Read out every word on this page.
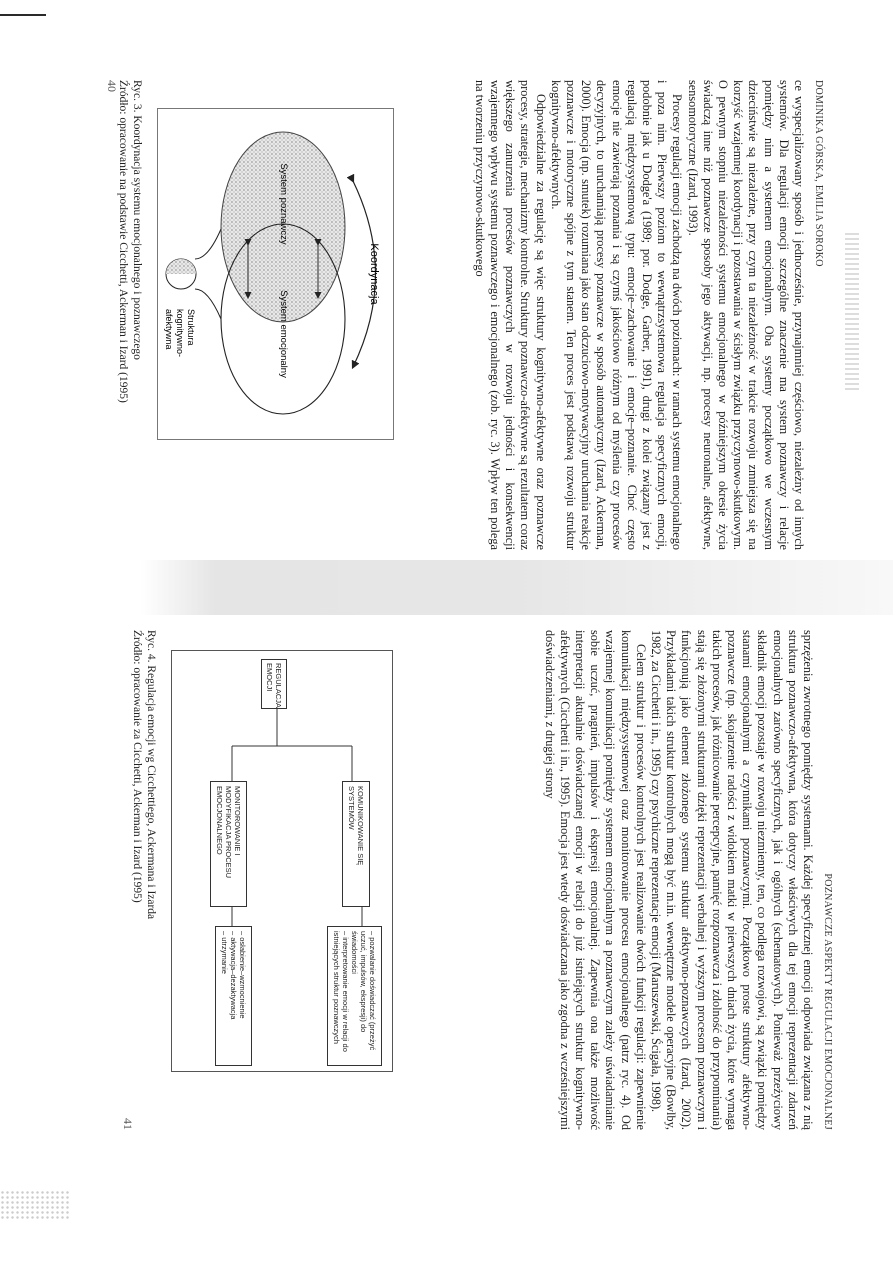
DOMINIKA GÓRSKA, EMILIA SOROKO

ce wyspecjalizowany sposób i jednocześnie, przynajmniej częściowo, niezależny od innych systemów. Dla regulacji emocji szczególne znaczenie ma system poznawczy i relacje pomiędzy nim a systemem emocjonalnym. Oba systemy początkowo we wczesnym dzieciństwie są niezależne, przy czym ta niezależność w trakcie rozwoju zmniejsza się na korzyść wzajemnej koordynacji i pozostawania w ścisłym związku przyczynowo-skutkowym. O pewnym stopniu niezależności systemu emocjonalnego w późniejszym okresie życia świadczą inne niż poznawcze sposoby jego aktywacji, np. procesy neuronalne, afektywne, sensomotoryczne (Izard, 1993).

Procesy regulacji emocji zachodzą na dwóch poziomach: w ramach systemu emocjonalnego i poza nim. Pierwszy poziom to wewnątrzsystemowa regulacja specyficznych emocji, podobnie jak u Dodge'a (1989; por. Dodge, Garber, 1991), drugi z kolei związany jest z regulacją międzysystemową typu: emocje–zachowanie i emocje–poznanie. Choć często emocje nie zawierają poznania i są czymś jakościowo różnym od myślenia czy procesów decyzyjnych, to uruchamiają procesy poznawcze w sposób automatyczny (Izard, Ackerman, 2000). Emocja (np. smutek) rozumiana jako stan odczuciowo-motywacyjny uruchamia reakcje poznawcze i motoryczne spójne z tym stanem. Ten proces jest podstawą rozwoju struktur kognitywno-afektywnych.

Odpowiedzialne za regulację są więc struktury kognitywno-afektywne oraz poznawcze procesy, strategie, mechanizmy kontrolne. Struktury poznawczo-afektywne są rezultatem coraz większego zanurzenia procesów poznawczych w rozwoju jedności i konsekwencji wzajemnego wpływu systemu poznawczego i emocjonalnego (zob. ryc. 3). Wpływ ten polega na tworzeniu przyczynowo-skutkowego

Koordynacja
System poznawczy
System emocjonalny
Struktura
kognitywno-
afektywna
Ryc. 3. Koordynacja systemu emocjonalnego i poznawczego
Źródło: opracowanie na podstawie Cicchetti, Ackerman i Izard (1995)
40
POZNAWCZE ASPEKTY REGULACJI EMOCJONALNEJ

sprzężenia zwrotnego pomiędzy systemami. Każdej specyficznej emocji odpowiada związana z nią struktura poznawczo-afektywna, która dotyczy właściwych dla tej emocji reprezentacji zdarzeń emocjonalnych zarówno specyficznych, jak i ogólnych (schematowych). Ponieważ przeżyciowy składnik emocji pozostaje w rozwoju niezmienny, ten, co podlega rozwojowi, są związki pomiędzy stanami emocjonalnymi a czynnikami poznawczymi. Początkowo proste struktury afektywno-poznawcze (np. skojarzenie radości z widokiem matki w pierwszych dniach życia, które wymaga takich procesów, jak różnicowanie percepcyjne, pamięć rozpoznawcza i zdolność do przypominania) stają się złożonymi strukturami dzięki reprezentacji werbalnej i wyższym procesom poznawczym i funkcjonują jako element złożonego systemu struktur afektywno-poznawczych (Izard, 2002). Przykładami takich struktur kontrolnych mogą być m.in. wewnętrzne modele operacyjne (Bowlby, 1982, za Cicchetti i in., 1995) czy psychiczne reprezentacje emocji (Maruszewski, Ścigała, 1998).

Celem struktur i procesów kontrolnych jest realizowanie dwóch funkcji regulacji: zapewnienie komunikacji międzysystemowej oraz monitorowanie procesu emocjonalnego (patrz ryc. 4). Od wzajemnej komunikacji pomiędzy systemem emocjonalnym a poznawczym zależy uświadamianie sobie uczuć, pragnień, impulsów i ekspresji emocjonalnej. Zapewnia ona także możliwość interpretacji aktualnie doświadczanej emocji w relacji do już istniejących struktur kognitywno-afektywnych (Cicchetti i in., 1995). Emocja jest wtedy doświadczana jako zgodna z wcześniejszymi doświadczeniami, z drugiej strony

REGULACJA EMOCJI
KOMUNIKOWANIE SIĘ SYSTEMÓW
MONITOROWANIE I MODYFIKACJA PROCESU EMOCJONALNEGO
– pozwalanie doświadczać (przeżyć uczuć, impulsów, ekspresji) do świadomości
– interpretowanie emocji w relacji do istniejących struktur poznawczych
– osłabienie–wzmocnienie
– aktywacja–dezaktywacja
– utrzymanie
Ryc. 4. Regulacja emocji wg Cicchettiego, Ackermana i Izarda
Źródło: opracowanie za Cicchetti, Ackerman i Izard (1995)
41
